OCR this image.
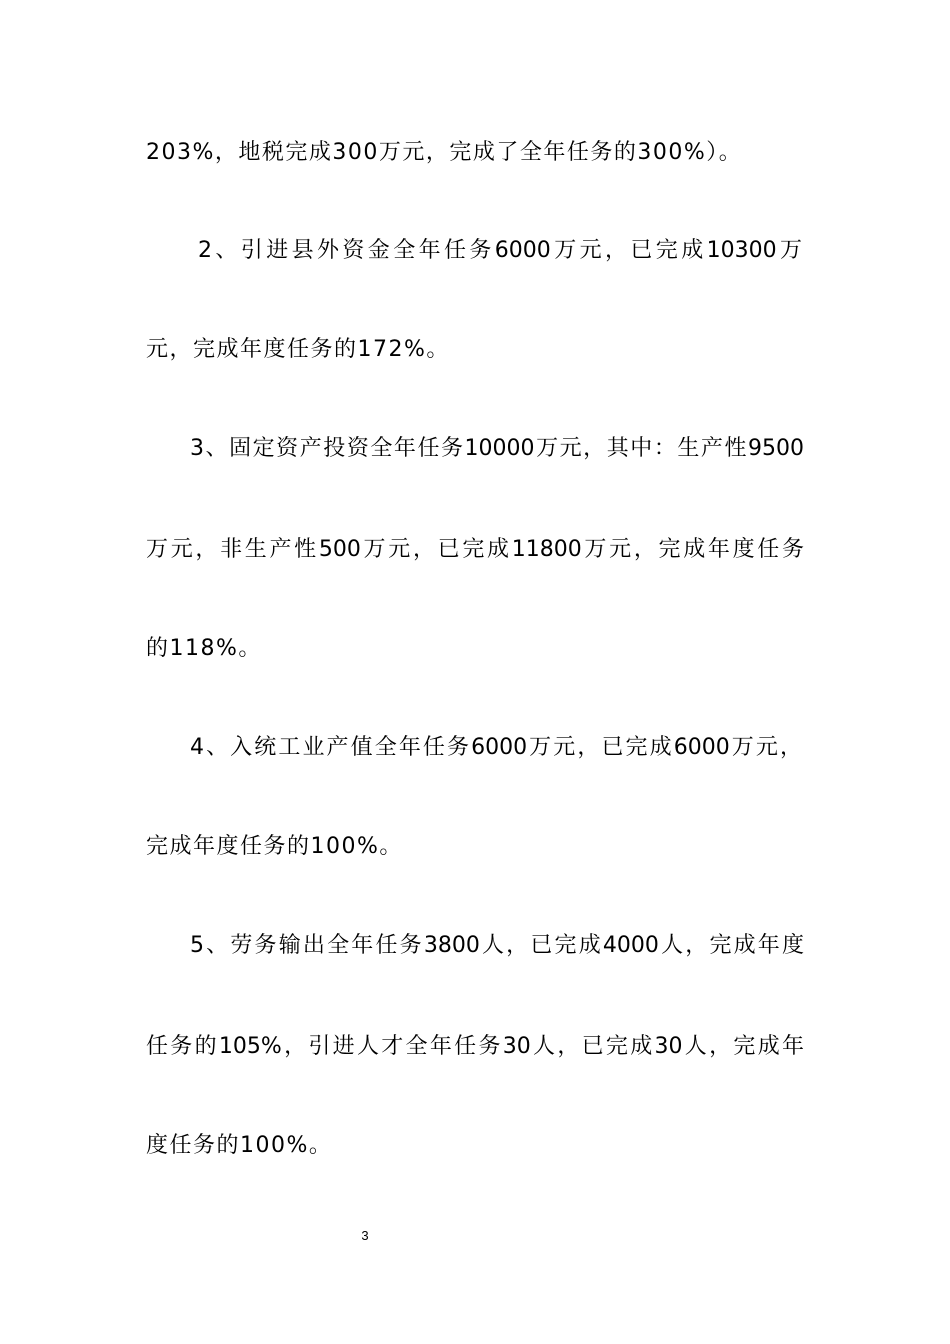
203%，地税完成300万元，完成了全年任务的300%）。
2、引进县外资金全年任务6000万元，已完成10300万
元，完成年度任务的172%。
3、固定资产投资全年任务10000万元，其中：生产性9500
万元，非生产性500万元，已完成11800万元，完成年度任务
的118%。
4、入统工业产值全年任务6000万元，已完成6000万元，
完成年度任务的100%。
5、劳务输出全年任务3800人，已完成4000人，完成年度
任务的105%，引进人才全年任务30人，已完成30人，完成年
度任务的100%。
3
